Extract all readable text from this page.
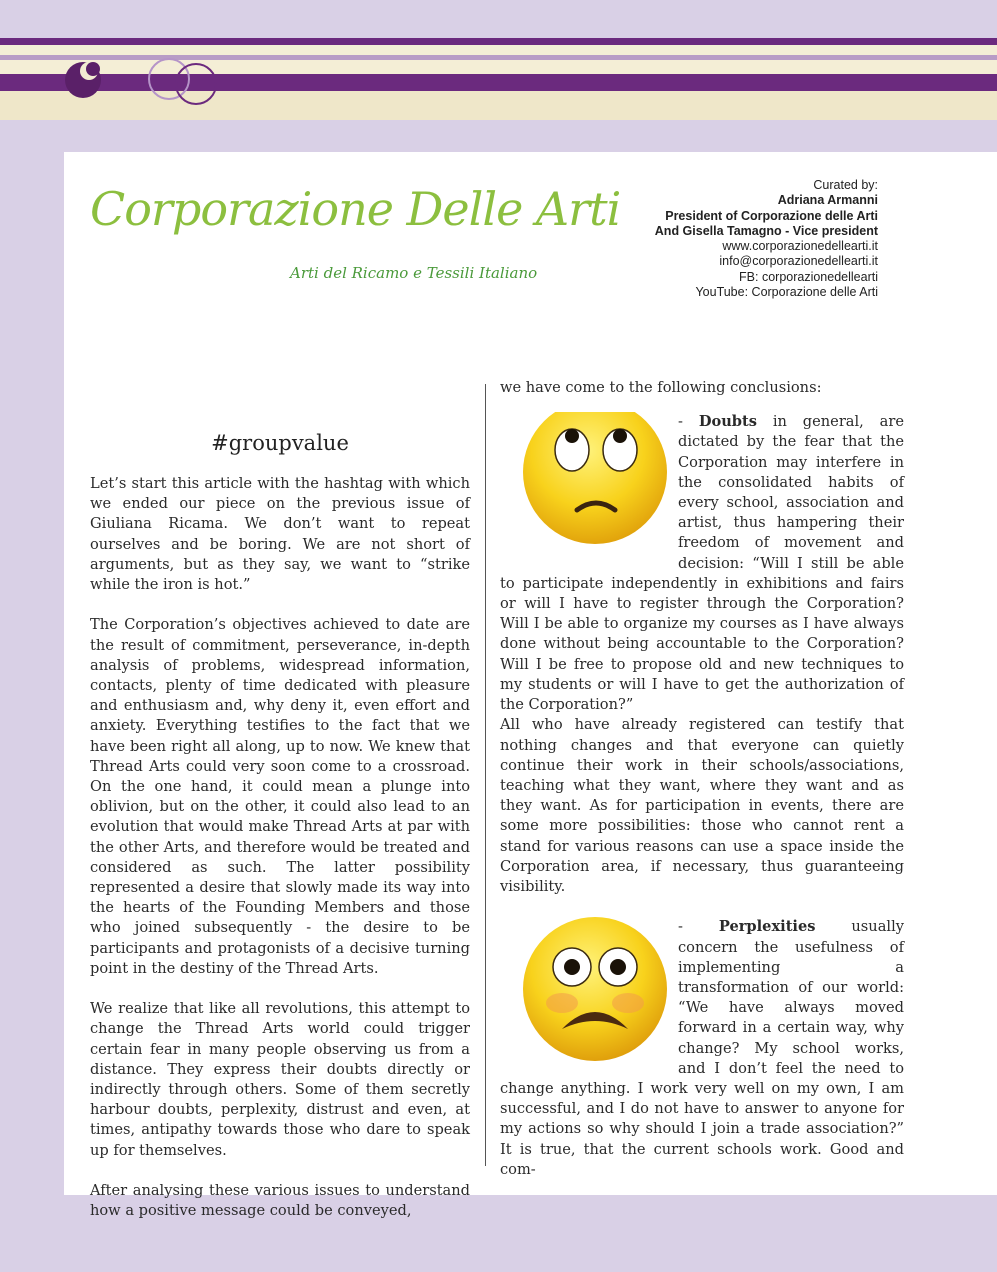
Corporazione Delle Arti
Arti del Ricamo e Tessili Italiano
Curated by:
Adriana Armanni
President of Corporazione delle Arti
And Gisella Tamagno - Vice president
www.corporazionedellearti.it
info@corporazionedellearti.it
FB: corporazionedellearti
YouTube: Corporazione delle Arti

#groupvalue

Let’s start this article with the hashtag with which we ended our piece on the previous issue of Giuliana Ricama. We don’t want to repeat ourselves and be boring. We are not short of arguments, but as they say, we want to “strike while the iron is hot.”

The Corporation’s objectives achieved to date are the result of commitment, perseverance, in-depth analysis of problems, widespread information, contacts, plenty of time dedicated with pleasure and enthusiasm and, why deny it, even effort and anxiety. Everything testifies to the fact that we have been right all along, up to now. We knew that Thread Arts could very soon come to a crossroad. On the one hand, it could mean a plunge into oblivion, but on the other, it could also lead to an evolution that would make Thread Arts at par with the other Arts, and therefore would be treated and considered as such. The latter possibility represented a desire that slowly made its way into the hearts of the Founding Members and those who joined subsequently - the desire to be participants and protagonists of a decisive turning point in the destiny of the Thread Arts.

We realize that like all revolutions, this attempt to change the Thread Arts world could trigger certain fear in many people observing us from a distance. They express their doubts directly or indirectly through others. Some of them secretly harbour doubts, perplexity, distrust and even, at times, antipathy towards those who dare to speak up for themselves.

After analysing these various issues to understand how a positive message could be conveyed,

we have come to the following conclusions:

- Doubts in general, are dictated by the fear that the Corporation may interfere in the consolidated habits of every school, association and artist, thus hampering their freedom of movement and decision: “Will I still be able to participate independently in exhibitions and fairs or will I have to register through the Corporation? Will I be able to organize my courses as I have always done without being accountable to the Corporation? Will I be free to propose old and new techniques to my students or will I have to get the authorization of the Corporation?”

All who have already registered can testify that nothing changes and that everyone can quietly continue their work in their schools/associations, teaching what they want, where they want and as they want. As for participation in events, there are some more possibilities: those who cannot rent a stand for various reasons can use a space inside the Corporation area, if necessary, thus guaranteeing visibility.

- Perplexities usually concern the usefulness of implementing a transformation of our world: “We have always moved forward in a certain way, why change? My school works, and I don’t feel the need to change anything. I work very well on my own, I am successful, and I do not have to answer to anyone for my actions so why should I join a trade association?” It is true, that the current schools work. Good and com-
